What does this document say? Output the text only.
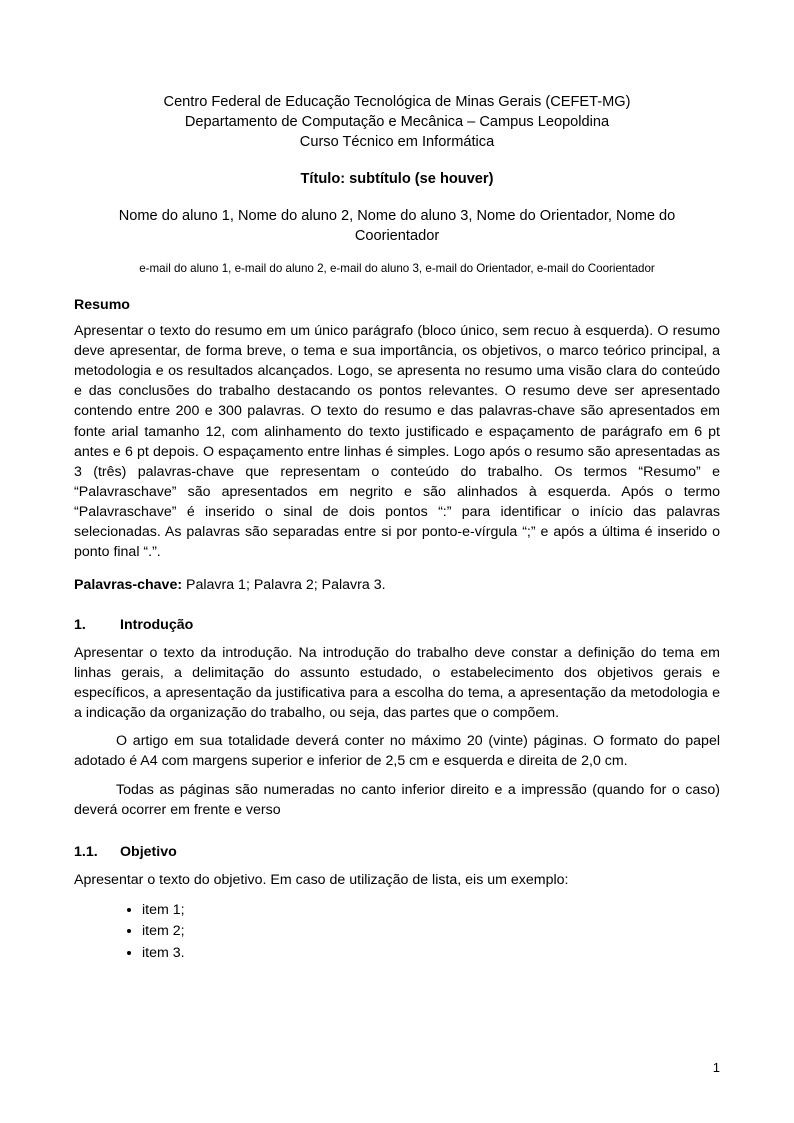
Centro Federal de Educação Tecnológica de Minas Gerais (CEFET-MG)
Departamento de Computação e Mecânica – Campus Leopoldina
Curso Técnico em Informática
Título: subtítulo (se houver)
Nome do aluno 1, Nome do aluno 2, Nome do aluno 3, Nome do Orientador, Nome do Coorientador
e-mail do aluno 1, e-mail do aluno 2, e-mail do aluno 3, e-mail do Orientador, e-mail do Coorientador
Resumo

Apresentar o texto do resumo em um único parágrafo (bloco único, sem recuo à esquerda). O resumo deve apresentar, de forma breve, o tema e sua importância, os objetivos, o marco teórico principal, a metodologia e os resultados alcançados. Logo, se apresenta no resumo uma visão clara do conteúdo e das conclusões do trabalho destacando os pontos relevantes. O resumo deve ser apresentado contendo entre 200 e 300 palavras. O texto do resumo e das palavras-chave são apresentados em fonte arial tamanho 12, com alinhamento do texto justificado e espaçamento de parágrafo em 6 pt antes e 6 pt depois. O espaçamento entre linhas é simples. Logo após o resumo são apresentadas as 3 (três) palavras-chave que representam o conteúdo do trabalho. Os termos “Resumo” e “Palavraschave” são apresentados em negrito e são alinhados à esquerda. Após o termo “Palavraschave” é inserido o sinal de dois pontos “:” para identificar o início das palavras selecionadas. As palavras são separadas entre si por ponto-e-vírgula “;” e após a última é inserido o ponto final “.”.

Palavras-chave: Palavra 1; Palavra 2; Palavra 3.

1. Introdução

Apresentar o texto da introdução. Na introdução do trabalho deve constar a definição do tema em linhas gerais, a delimitação do assunto estudado, o estabelecimento dos objetivos gerais e específicos, a apresentação da justificativa para a escolha do tema, a apresentação da metodologia e a indicação da organização do trabalho, ou seja, das partes que o compõem.

O artigo em sua totalidade deverá conter no máximo 20 (vinte) páginas. O formato do papel adotado é A4 com margens superior e inferior de 2,5 cm e esquerda e direita de 2,0 cm.

Todas as páginas são numeradas no canto inferior direito e a impressão (quando for o caso) deverá ocorrer em frente e verso

1.1. Objetivo

Apresentar o texto do objetivo. Em caso de utilização de lista, eis um exemplo:

• item 1;
• item 2;
• item 3.
1
